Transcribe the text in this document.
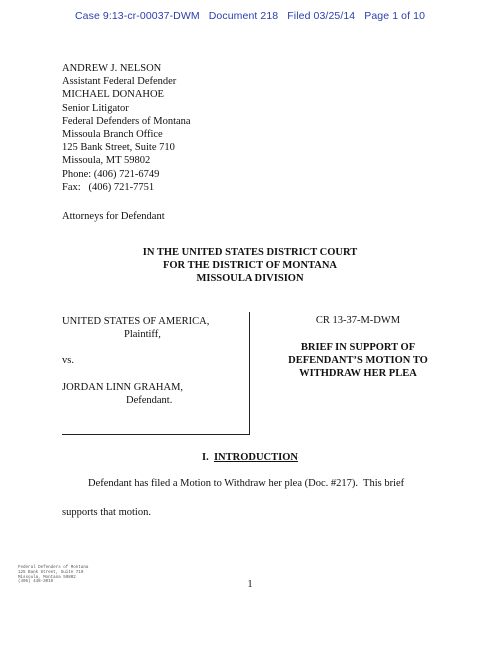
Case 9:13-cr-00037-DWM Document 218 Filed 03/25/14 Page 1 of 10
ANDREW J. NELSON
Assistant Federal Defender
MICHAEL DONAHOE
Senior Litigator
Federal Defenders of Montana
Missoula Branch Office
125 Bank Street, Suite 710
Missoula, MT 59802
Phone: (406) 721-6749
Fax:   (406) 721-7751
Attorneys for Defendant
IN THE UNITED STATES DISTRICT COURT
FOR THE DISTRICT OF MONTANA
MISSOULA DIVISION
UNITED STATES OF AMERICA,
Plaintiff,
vs.
JORDAN LINN GRAHAM,
Defendant.
CR 13-37-M-DWM
BRIEF IN SUPPORT OF
DEFENDANT’S MOTION TO
WITHDRAW HER PLEA
I. INTRODUCTION
Defendant has filed a Motion to Withdraw her plea (Doc. #217).  This brief
supports that motion.
Federal Defenders of Montana
125 Bank Street, Suite 710
Missoula, Montana 59802
(406) 448-3010	1
